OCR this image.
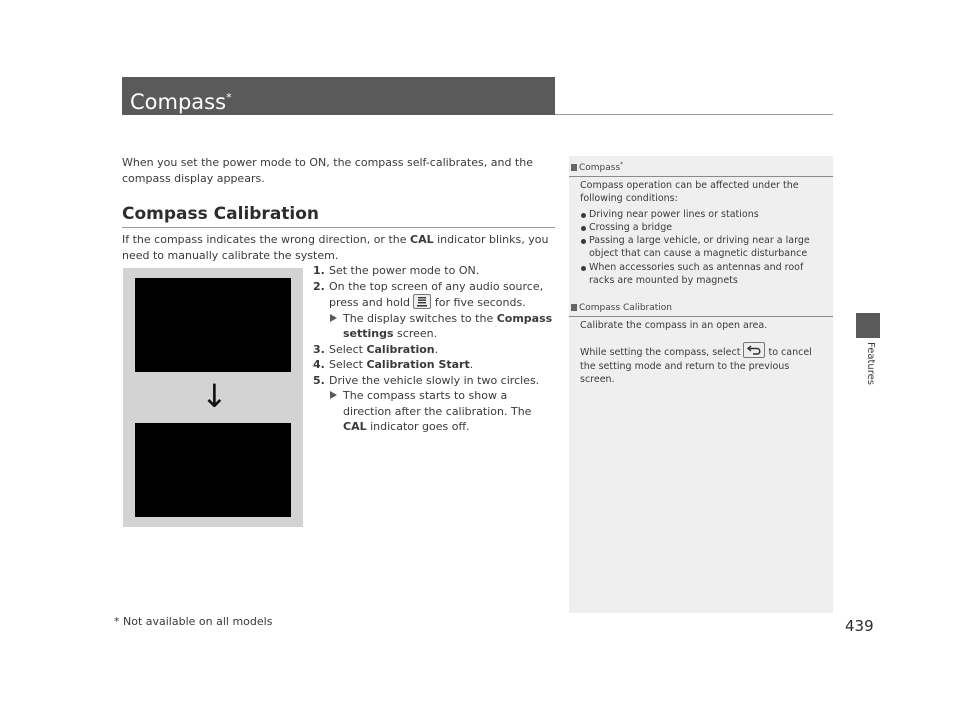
Compass*
Features
When you set the power mode to ON, the compass self-calibrates, and the compass display appears.
Compass Calibration
If the compass indicates the wrong direction, or the CAL indicator blinks, you need to manually calibrate the system.
↓
1. Set the power mode to ON.
2. On the top screen of any audio source, press and hold
for five seconds.
The display switches to the Compass settings screen.
3. Select Calibration.
4. Select Calibration Start.
5. Drive the vehicle slowly in two circles.
The compass starts to show a direction after the calibration. The CAL indicator goes off.
Compass*

Compass operation can be affected under the following conditions:

Driving near power lines or stations
Crossing a bridge
Passing a large vehicle, or driving near a large object that can cause a magnetic disturbance
When accessories such as antennas and roof racks are mounted by magnets
Compass Calibration

Calibrate the compass in an open area.

While setting the compass, select
to cancel the setting mode and return to the previous screen.

* Not available on all models	439
